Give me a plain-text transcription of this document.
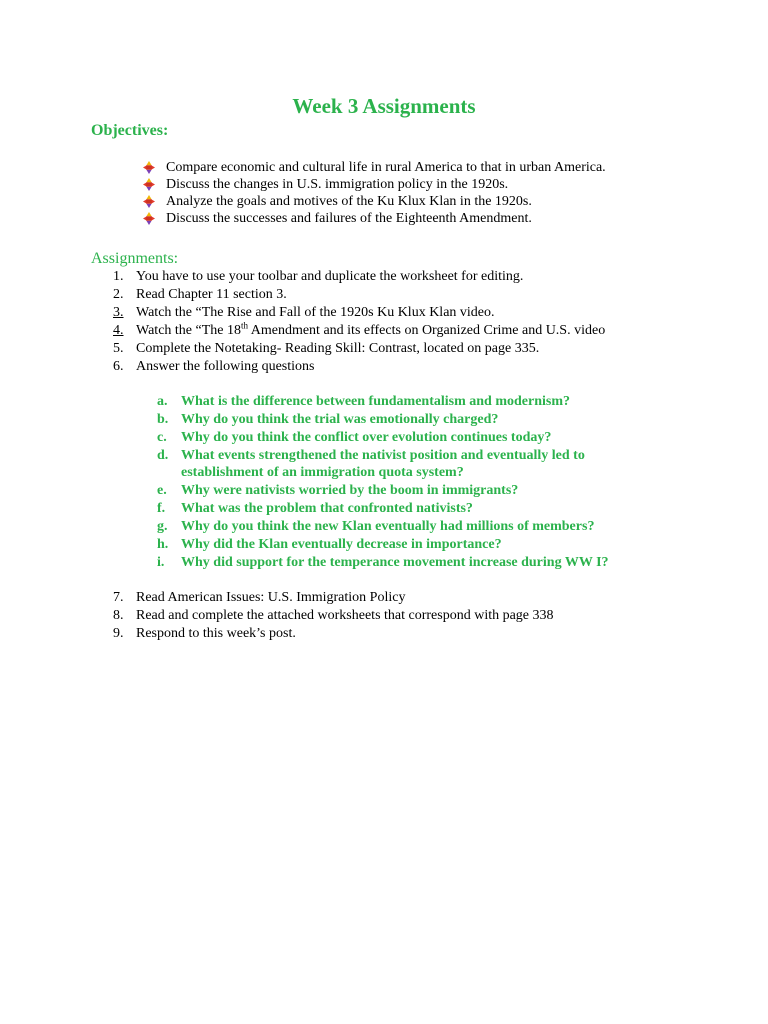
Week 3 Assignments
Objectives:
Compare economic and cultural life in rural America to that in urban America.
Discuss the changes in U.S. immigration policy in the 1920s.
Analyze the goals and motives of the Ku Klux Klan in the 1920s.
Discuss the successes and failures of the Eighteenth Amendment.
Assignments:
1. You have to use your toolbar and duplicate the worksheet for editing.
2. Read Chapter 11 section 3.
3. Watch the “The Rise and Fall of the 1920s Ku Klux Klan video.
4. Watch the “The 18th Amendment and its effects on Organized Crime and U.S. video
5. Complete the Notetaking- Reading Skill: Contrast, located on page 335.
6. Answer the following questions
a. What is the difference between fundamentalism and modernism?
b. Why do you think the trial was emotionally charged?
c.	Why do you think the conflict over evolution continues today?
d. What events strengthened the nativist position and eventually led to
establishment of an immigration quota system?
e.	Why were nativists worried by the boom in immigrants?
f.	What was the problem that confronted nativists?
g. Why do you think the new Klan eventually had millions of members?
h. Why did the Klan eventually decrease in importance?
i.	Why did support for the temperance movement increase during WW I?
7. Read American Issues: U.S. Immigration Policy
8. Read and complete the attached worksheets that correspond with page 338
9. Respond to this week’s post.
